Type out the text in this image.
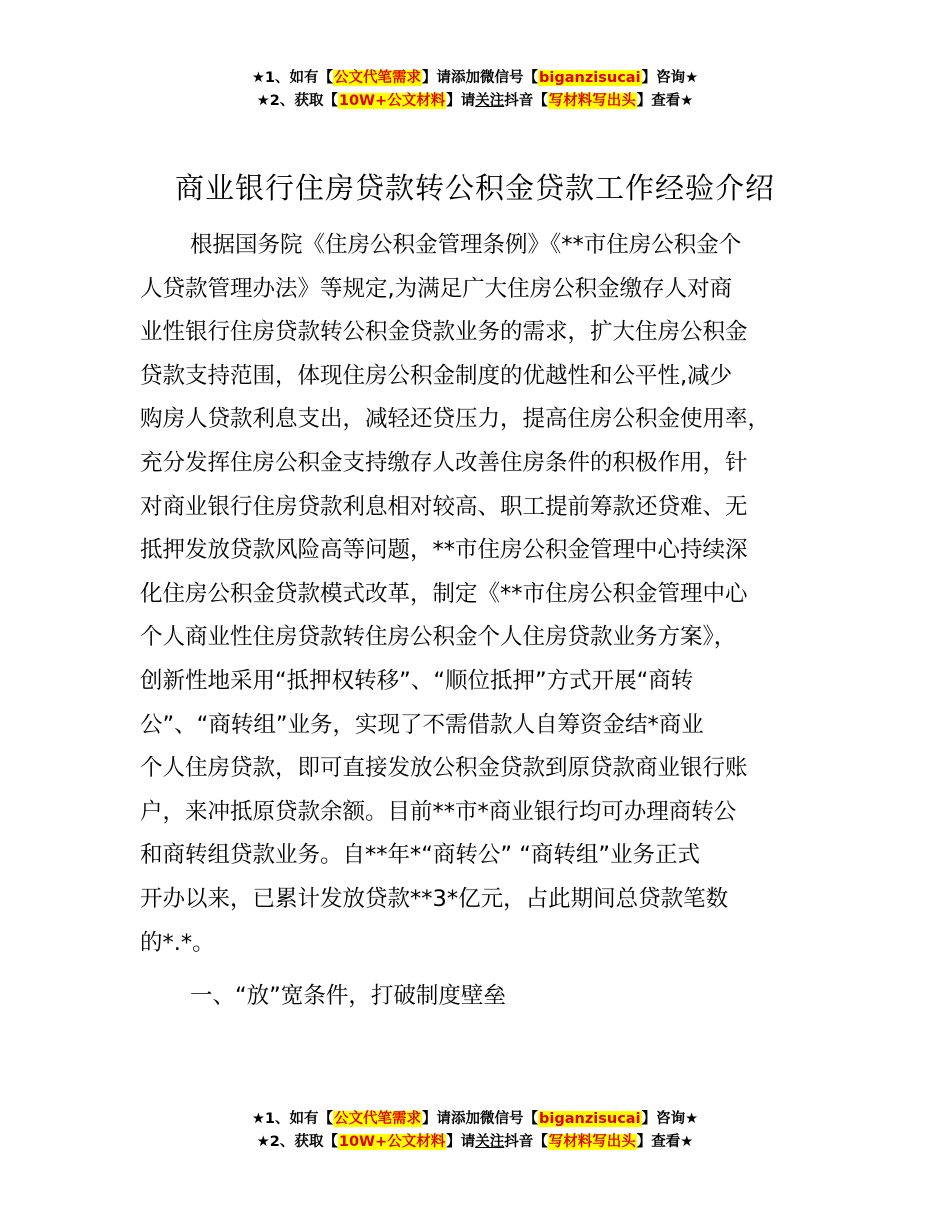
★1、如有【公文代笔需求】请添加微信号【biganzisucai】咨询★
★2、获取【10W+公文材料】请关注抖音【写材料写出头】查看★
商业银行住房贷款转公积金贷款工作经验介绍

根据国务院《住房公积金管理条例》《**市住房公积金个
人贷款管理办法》等规定,为满足广大住房公积金缴存人对商
业性银行住房贷款转公积金贷款业务的需求，扩大住房公积金
贷款支持范围，体现住房公积金制度的优越性和公平性,减少
购房人贷款利息支出，减轻还贷压力，提高住房公积金使用率，
充分发挥住房公积金支持缴存人改善住房条件的积极作用，针
对商业银行住房贷款利息相对较高、职工提前筹款还贷难、无
抵押发放贷款风险高等问题，**市住房公积金管理中心持续深
化住房公积金贷款模式改革，制定《**市住房公积金管理中心
个人商业性住房贷款转住房公积金个人住房贷款业务方案》，
创新性地采用“抵押权转移”、“顺位抵押”方式开展“商转
公”、“商转组”业务，实现了不需借款人自筹资金结*商业
个人住房贷款，即可直接发放公积金贷款到原贷款商业银行账
户，来冲抵原贷款余额。目前**市*商业银行均可办理商转公
和商转组贷款业务。自**年*“商转公” “商转组”业务正式
开办以来，已累计发放贷款**3*亿元，占此期间总贷款笔数
的*.*。

一、“放”宽条件，打破制度壁垒

★1、如有【公文代笔需求】请添加微信号【biganzisucai】咨询★
★2、获取【10W+公文材料】请关注抖音【写材料写出头】查看★
